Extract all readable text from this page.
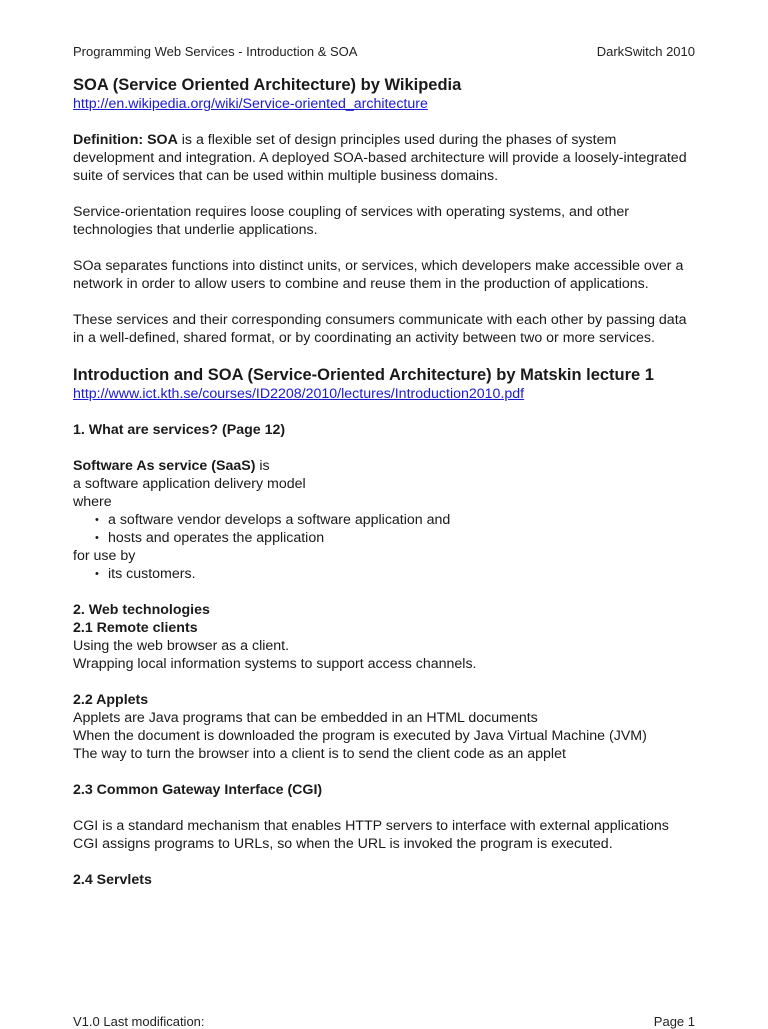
Programming Web Services - Introduction & SOA	DarkSwitch 2010
SOA (Service Oriented Architecture) by Wikipedia
http://en.wikipedia.org/wiki/Service-oriented_architecture

Definition: SOA is a flexible set of design principles used during the phases of system development and integration. A deployed SOA-based architecture will provide a loosely-integrated suite of services that can be used within multiple business domains.

Service-orientation requires loose coupling of services with operating systems, and other technologies that underlie applications.

SOa separates functions into distinct units, or services, which developers make accessible over a network in order to allow users to combine and reuse them in the production of applications.

These services and their corresponding consumers communicate with each other by passing data in a well-defined, shared format, or by coordinating an activity between two or more services.

Introduction and SOA (Service-Oriented Architecture) by Matskin lecture 1
http://www.ict.kth.se/courses/ID2208/2010/lectures/Introduction2010.pdf

1. What are services? (Page 12)

Software As service (SaaS) is

a software application delivery model

where

• a software vendor develops a software application and
• hosts and operates the application

for use by

• its customers.

2. Web technologies

2.1 Remote clients

Using the web browser as a client.

Wrapping local information systems to support access channels.

2.2 Applets

Applets are Java programs that can be embedded in an HTML documents

When the document is downloaded the program is executed by Java Virtual Machine (JVM)

The way to turn the browser into a client is to send the client code as an applet

2.3 Common Gateway Interface (CGI)

CGI is a standard mechanism that enables HTTP servers to interface with external applications

CGI assigns programs to URLs, so when the URL is invoked the program is executed.

2.4 Servlets

V1.0 Last modification:	Page 1
